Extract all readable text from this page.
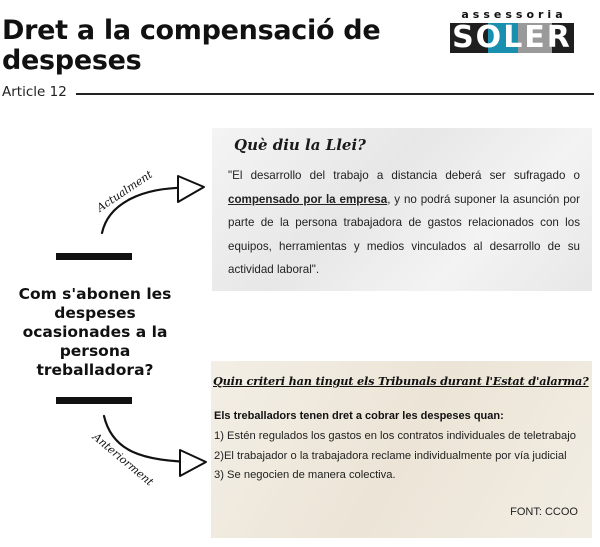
Dret a la compensació de despeses
Article 12
assessoria
SOLER
Com s'abonen les despeses ocasionades a la persona treballadora?
Actualment
Anteriorment
Què diu la Llei?
"El desarrollo del trabajo a distancia deberá ser sufragado o compensado por la empresa, y no podrá suponer la asunción por parte de la persona trabajadora de gastos relacionados con los equipos, herramientas y medios vinculados al desarrollo de su actividad laboral".
Quin criteri han tingut els Tribunals durant l'Estat d'alarma?
Els treballadors tenen dret a cobrar les despeses quan:
1) Estén regulados los gastos en los contratos individuales de teletrabajo
2)El trabajador o la trabajadora reclame individualmente por vía judicial
3) Se negocien de manera colectiva.
FONT: CCOO
